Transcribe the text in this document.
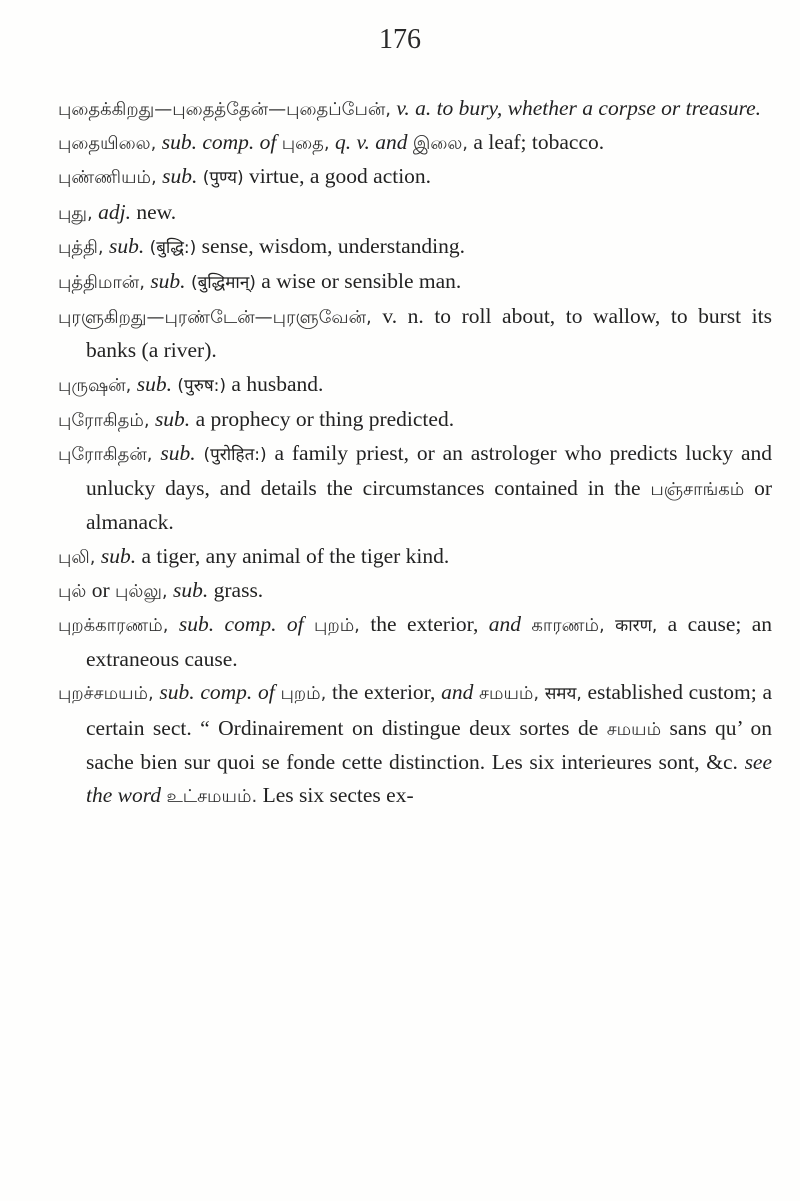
176

புதைக்கிறது—புதைத்தேன்—புதைப்பேன், v. a. to bury, whether a corpse or treasure.

புதையிலை, sub. comp. of புதை, q. v. and இலை, a leaf; tobacco.

புண்ணியம், sub. (पुण्य) virtue, a good action.

புது, adj. new.

புத்தி, sub. (बुद्धि:) sense, wisdom, understanding.

புத்திமான், sub. (बुद्धिमान्) a wise or sensible man.

புரளுகிறது—புரண்டேன்—புரளுவேன், v. n. to roll about, to wallow, to burst its banks (a river).

புருஷன், sub. (पुरुष:) a husband.

புரோகிதம், sub. a prophecy or thing predicted.

புரோகிதன், sub. (पुरोहित:) a family priest, or an astrologer who predicts lucky and unlucky days, and details the circumstances contained in the பஞ்சாங்கம் or almanack.

புலி, sub. a tiger, any animal of the tiger kind.

புல் or புல்லு, sub. grass.

புறக்காரணம், sub. comp. of புறம், the exterior, and காரணம், कारण, a cause; an extraneous cause.

புறச்சமயம், sub. comp. of புறம், the exterior, and சமயம், समय, established custom; a certain sect. “ Ordinairement on distingue deux sortes de சமயம் sans qu’ on sache bien sur quoi se fonde cette distinction. Les six interieures sont, &c. see the word உட்சமயம். Les six sectes ex-
